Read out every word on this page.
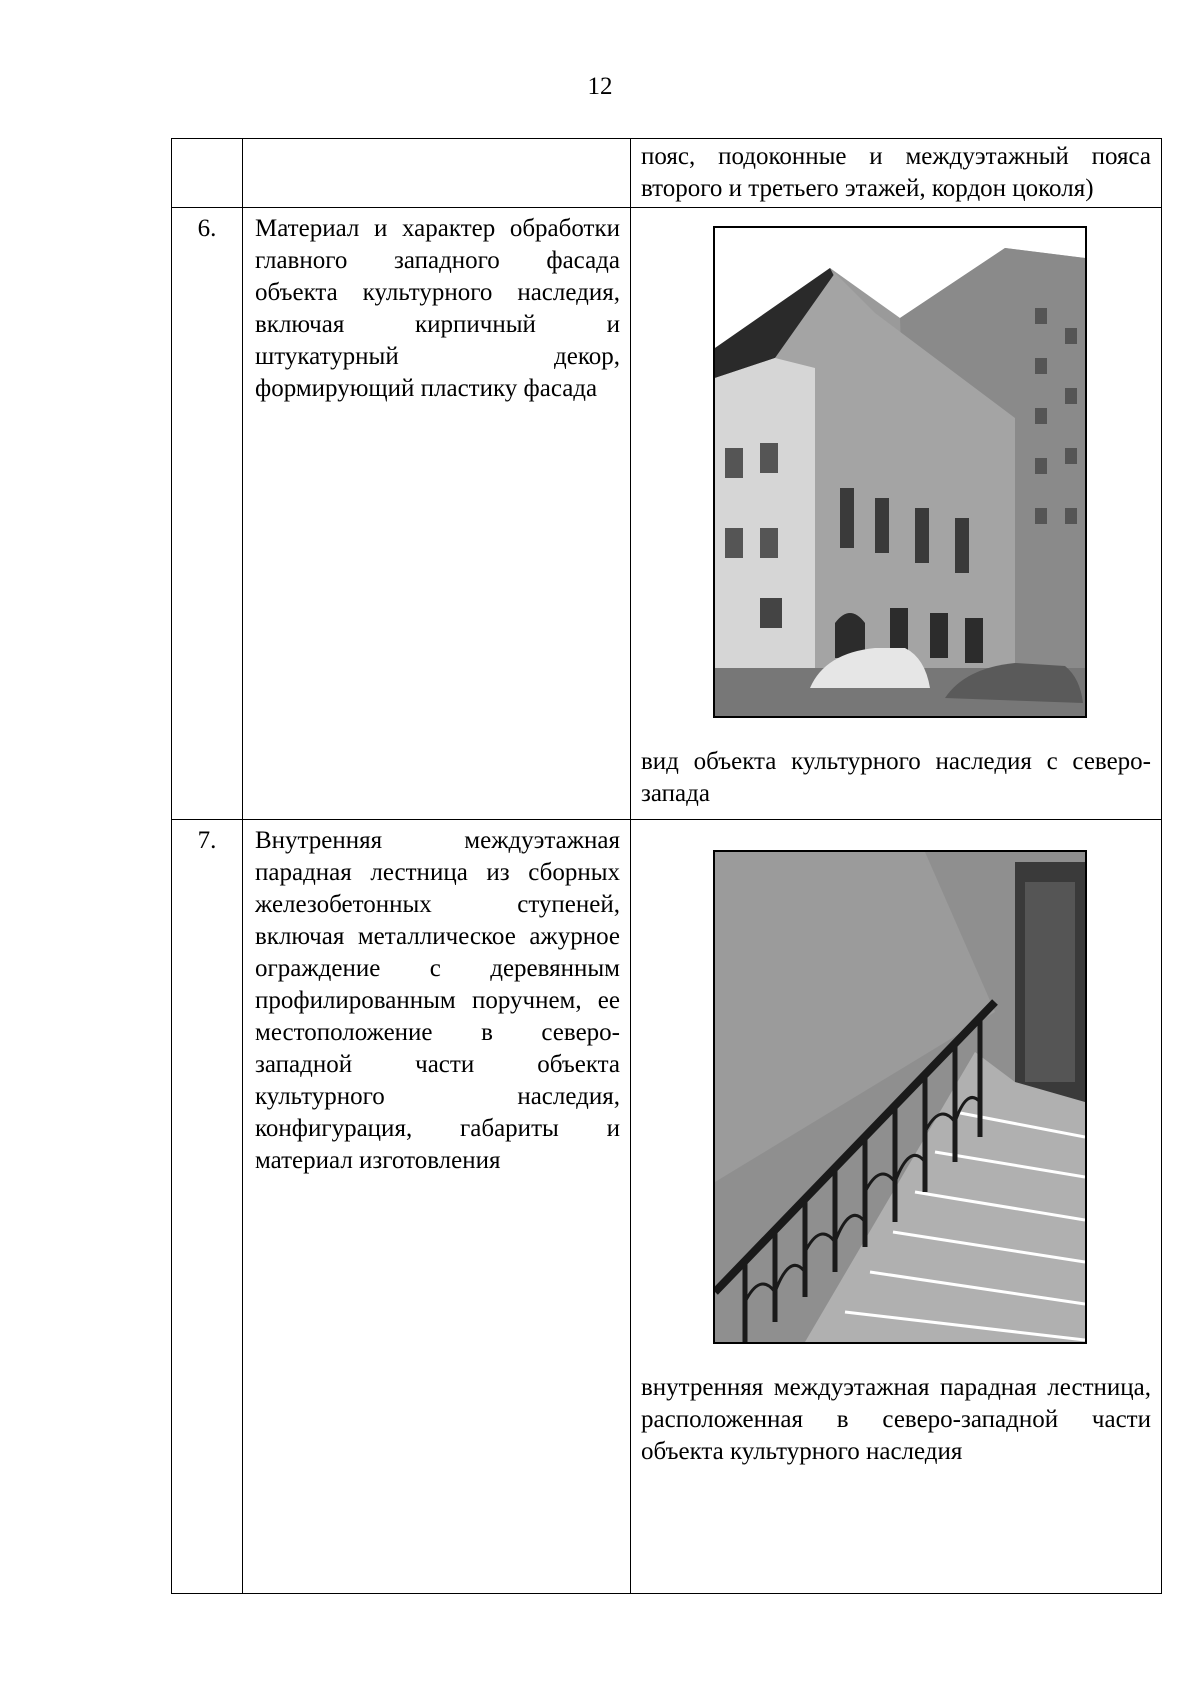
12

		пояс, подоконные и междуэтажный пояса второго и третьего этажей, кордон цоколя)

6.	Материал и характер обработки главного западного фасада объекта культурного наследия, включая кирпичный и штукатурный декор, формирующий пластику фасада	вид объекта культурного наследия с северо-запада

7.	Внутренняя междуэтажная парадная лестница из сборных железобетонных ступеней, включая металлическое ажурное ограждение с деревянным профилированным поручнем, ее местоположение в северо-западной части объекта культурного наследия, конфигурация, габариты и материал изготовления	внутренняя междуэтажная парадная лестница, расположенная в северо-западной части объекта культурного наследия
